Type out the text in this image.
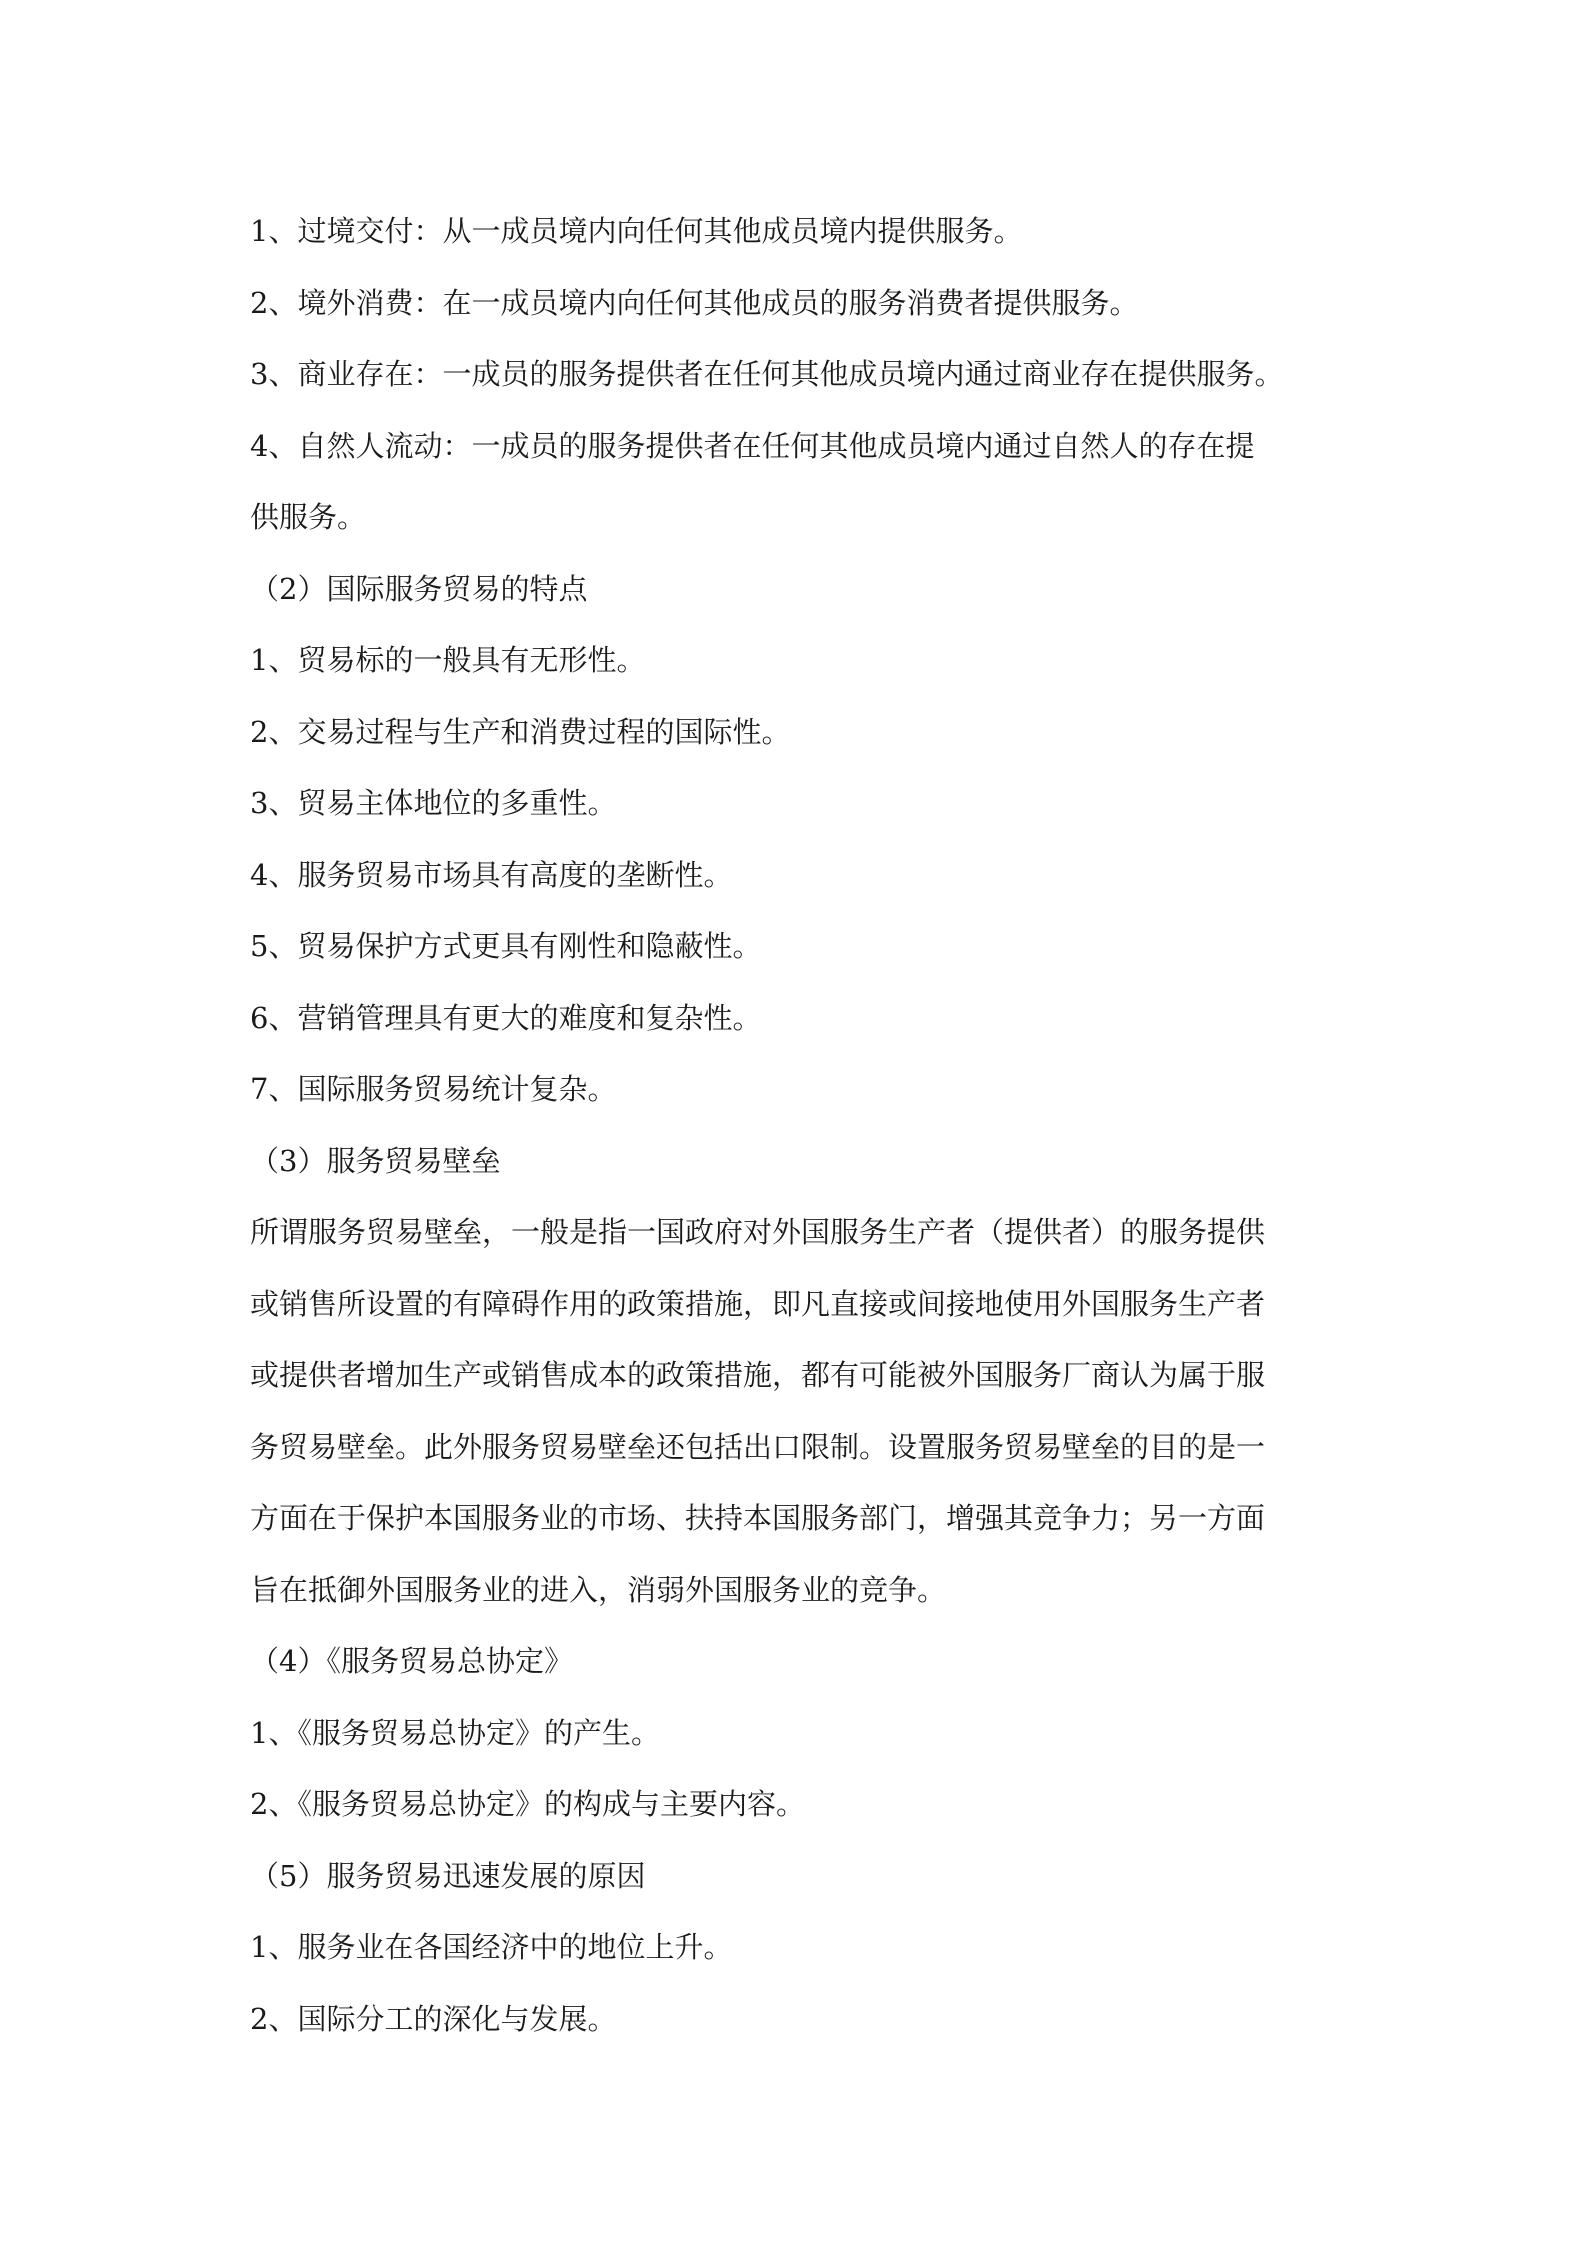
1、过境交付：从一成员境内向任何其他成员境内提供服务。
2、境外消费：在一成员境内向任何其他成员的服务消费者提供服务。
3、商业存在：一成员的服务提供者在任何其他成员境内通过商业存在提供服务。
4、自然人流动：一成员的服务提供者在任何其他成员境内通过自然人的存在提
供服务。
（2）国际服务贸易的特点
1、贸易标的一般具有无形性。
2、交易过程与生产和消费过程的国际性。
3、贸易主体地位的多重性。
4、服务贸易市场具有高度的垄断性。
5、贸易保护方式更具有刚性和隐蔽性。
6、营销管理具有更大的难度和复杂性。
7、国际服务贸易统计复杂。
（3）服务贸易壁垒
所谓服务贸易壁垒，一般是指一国政府对外国服务生产者（提供者）的服务提供
或销售所设置的有障碍作用的政策措施，即凡直接或间接地使用外国服务生产者
或提供者增加生产或销售成本的政策措施，都有可能被外国服务厂商认为属于服
务贸易壁垒。此外服务贸易壁垒还包括出口限制。设置服务贸易壁垒的目的是一
方面在于保护本国服务业的市场、扶持本国服务部门，增强其竞争力；另一方面
旨在抵御外国服务业的进入，消弱外国服务业的竞争。
（4）《服务贸易总协定》
1、《服务贸易总协定》的产生。
2、《服务贸易总协定》的构成与主要内容。
（5）服务贸易迅速发展的原因
1、服务业在各国经济中的地位上升。
2、国际分工的深化与发展。
